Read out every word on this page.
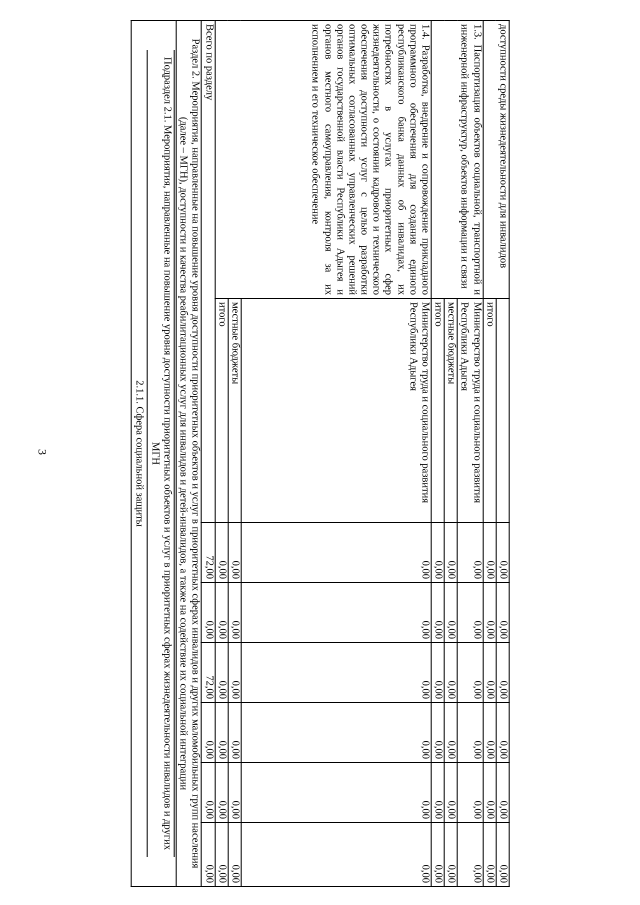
3
доступности среды жизнедеятельности для инвалидов		0,00	0,00	0,00	0,00	0,00	0,00
	итого	0,00	0,00	0,00	0,00	0,00	0,00
1.3. Паспортизация объектов социальной, транспортной и инженерной инфраструктур, объектов информации и связи	Министерство труда и социального развития Республики Адыгея	0,00	0,00	0,00	0,00	0,00	0,00
	местные бюджеты	0,00	0,00	0,00	0,00	0,00	0,00
	итого	0,00	0,00	0,00	0,00	0,00	0,00
1.4. Разработка, внедрение и сопровождение прикладного программного обеспечения для создания единого республиканского банка данных об инвалидах, их потребностях в услугах приоритетных сфер жизнедеятельности, о состоянии кадрового и технического обеспечения доступности услуг с целью разработки оптимальных согласованных управленческих решений органов государственной власти Республики Адыгея и органов местного самоуправления, контроля за их исполнением и его техническое обеспечение	Министерство труда и социального развития Республики Адыгея	0,00	0,00	0,00	0,00	0,00	0,00
	местные бюджеты	0,00	0,00	0,00	0,00	0,00	0,00
	итого	0,00	0,00	0,00	0,00	0,00	0,00
Всего по разделу		72,00	0,00	72,00	0,00	0,00	0,00
Раздел 2. Мероприятия, направленные на повышение уровня доступности приоритетных объектов и услуг в приоритетных сферах инвалидов и других маломобильных групп населения (далее – МГН), доступности и качества реабилитационных услуг для инвалидов и детей-инвалидов, а также на содействие их социальной интеграции							

Подраздел 2.1. Мероприятия, направленные на повышение уровня доступности приоритетных объектов и услуг в приоритетных сферах жизнедеятельности инвалидов и других МГН
2.1.1. Сфера социальной защиты							
